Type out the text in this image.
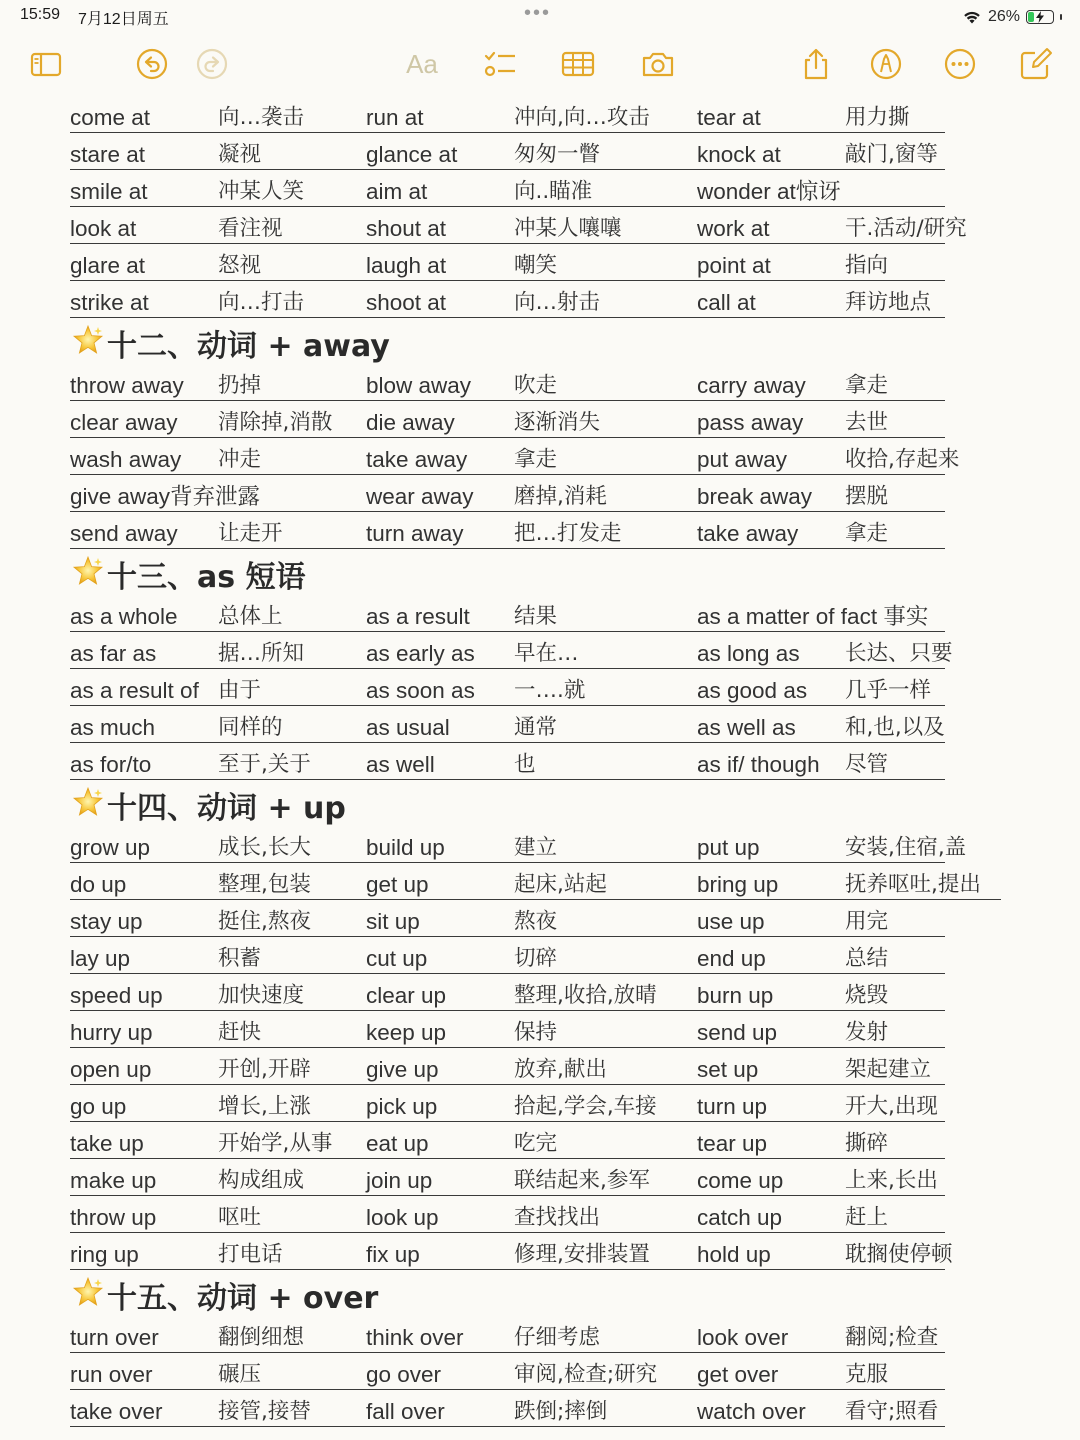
15:59 7月12日周五	•••	26%
Aa
come at	向…袭击	run at	冲向,向…攻击 tear at	用力撕
stare at	凝视	glance at	匆匆一瞥	knock at	敲门,窗等
smile at	冲某人笑	aim at	向..瞄准	wonder at惊讶
look at	看注视	shout at	冲某人嚷嚷	work at	干.活动/研究
glare at	怒视	laugh at	嘲笑	point at	指向
strike at	向…打击	shoot at	向…射击	call at	拜访地点
十二、动词 + away
throw away 扔掉	blow away 吹走	carry away 拿走
clear away 清除掉,消散 die away	逐渐消失	pass away 去世
wash away 冲走	take away 拿走	put away	收拾,存起来
give away背弃泄露	wear away 磨掉,消耗	break away 摆脱
send away 让走开	turn away 把…打发走	take away 拿走
十三、as 短语
as a whole 总体上	as a result 结果	as a matter of fact 事实
as far as	据…所知	as early as 早在…	as long as 长达、只要
as a result of 由于	as soon as 一….就	as good as 几乎一样
as much	同样的	as usual	通常	as well as 和,也,以及
as for/to	至于,关于 as well	也	as if/ though 尽管
十四、动词 + up
grow up	成长,长大 build up	建立	put up	安装,住宿,盖
do up	整理,包装 get up	起床,站起	bring up	抚养呕吐,提出
stay up	挺住,熬夜 sit up	熬夜	use up	用完
lay up	积蓄	cut up	切碎	end up	总结
speed up	加快速度	clear up	整理,收拾,放晴 burn up	烧毁
hurry up	赶快	keep up	保持	send up	发射
open up	开创,开辟 give up	放弃,献出	set up	架起建立
go up	增长,上涨 pick up	拾起,学会,车接 turn up	开大,出现
take up	开始学,从事 eat up	吃完	tear up	撕碎
make up	构成组成	join up	联结起来,参军 come up	上来,长出
throw up	呕吐	look up	查找找出	catch up	赶上
ring up	打电话	fix up	修理,安排装置 hold up	耽搁使停顿
十五、动词 + over
turn over	翻倒细想	think over 仔细考虑	look over	翻阅;检查
run over	碾压	go over	审阅,检查;研究 get over	克服
take over	接管,接替 fall over	跌倒;摔倒	watch over 看守;照看
